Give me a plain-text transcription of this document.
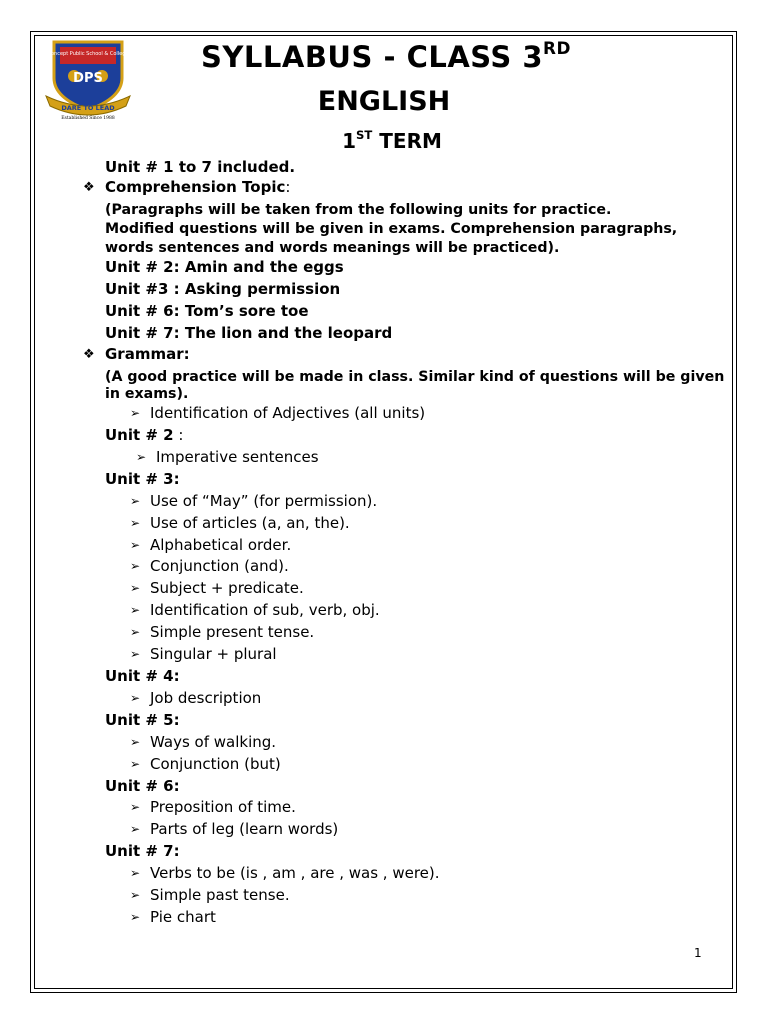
Concept Public School & College
DPS
DARE TO LEAD
Established Since 1988
SYLLABUS - CLASS 3RD
ENGLISH
1ST TERM
Unit # 1 to 7 included.
❖ Comprehension Topic:
(Paragraphs will be taken from the following units for practice.
Modified questions will be given in exams. Comprehension paragraphs,
words sentences and words meanings will be practiced).
Unit # 2: Amin and the eggs
Unit #3 : Asking permission
Unit # 6: Tom’s sore toe
Unit # 7: The lion and the leopard
❖ Grammar:
(A good practice will be made in class. Similar kind of questions will be given
in exams).
➢ Identification of Adjectives (all units)
Unit # 2 :
➢ Imperative sentences
Unit # 3:
➢ Use of “May” (for permission).
➢ Use of articles (a, an, the).
➢ Alphabetical order.
➢ Conjunction (and).
➢ Subject + predicate.
➢ Identification of sub, verb, obj.
➢ Simple present tense.
➢ Singular + plural
Unit # 4:
➢ Job description
Unit # 5:
➢ Ways of walking.
➢ Conjunction (but)
Unit # 6:
➢ Preposition of time.
➢ Parts of leg (learn words)
Unit # 7:
➢ Verbs to be (is , am , are , was , were).
➢ Simple past tense.
➢ Pie chart
1
